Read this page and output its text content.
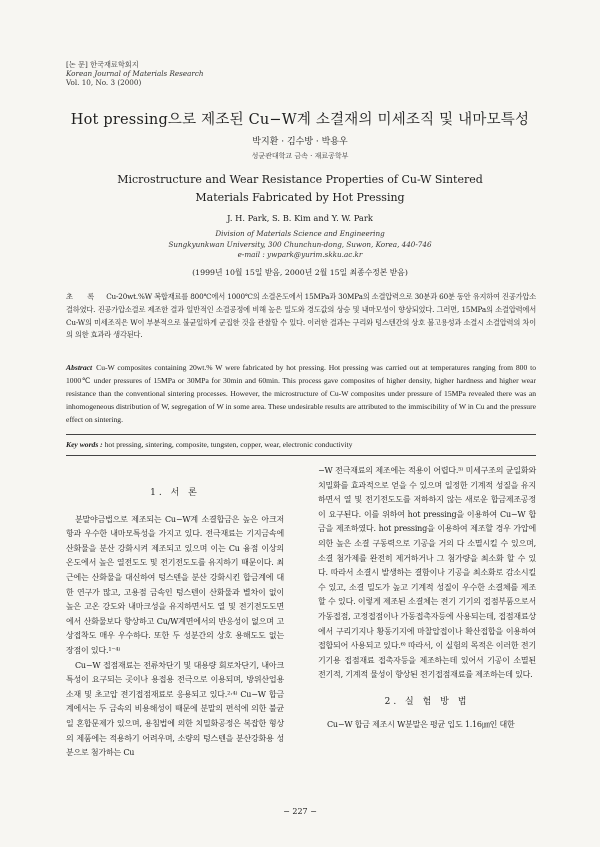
[논 문] 한국재료학회지
Korean Journal of Materials Research
Vol. 10, No. 3 (2000)
Hot pressing으로 제조된 Cu−W계 소결재의 미세조직 및 내마모특성
박지환 · 김수방 · 박용우
성균관대학교 금속 · 재료공학부
Microstructure and Wear Resistance Properties of Cu-W Sintered
Materials Fabricated by Hot Pressing
J. H. Park, S. B. Kim and Y. W. Park
Division of Materials Science and Engineering
Sungkyunkwan University, 300 Chunchun-dong, Suwon, Korea, 440-746
e-mail : ywpark@yurim.skku.ac.kr
(1999년 10월 15일 받음, 2000년 2월 15일 최종수정본 받음)
초 록 Cu-20wt.%W 복합재료를 800℃에서 1000℃의 소결온도에서 15MPa과 30MPa의 소결압력으로 30분과 60분 동안 유지하여 진공가압소결하였다. 진공가압소결로 제조한 결과 일반적인 소결공정에 비해 높은 밀도와 경도값의 상승 및 내마모성이 향상되었다. 그러면, 15MPa의 소결압력에서 Cu-W의 미세조직은 W이 부분적으로 불균일하게 군집한 것을 관찰할 수 있다. 이러한 결과는 구리와 텅스텐간의 상호 불고용성과 소결시 소결압력의 차이의 의한 효과라 생각된다.
Abstract Cu-W composites containing 20wt.% W were fabricated by hot pressing. Hot pressing was carried out at temperatures ranging from 800 to 1000℃ under pressures of 15MPa or 30MPa for 30min and 60min. This process gave composites of higher density, higher hardness and higher wear resistance than the conventional sintering processes. However, the microstructure of Cu-W composites under pressure of 15MPa revealed there was an inhomogeneous distribution of W, segregation of W in some area. These undesirable results are attributed to the immiscibility of W in Cu and the pressure effect on sintering.
Key words : hot pressing, sintering, composite, tungsten, copper, wear, electronic conductivity
1. 서 론

분말야금법으로 제조되는 Cu−W계 소결합금은 높은 아크저항과 우수한 내마모특성을 가지고 있다. 전극재료는 기지금속에 산화물을 분산 강화시켜 제조되고 있으며 이는 Cu 융점 이상의 온도에서 높은 열전도도 및 전기전도도를 유지하기 때문이다. 최근에는 산화물을 대신하여 텅스텐을 분산 강화시킨 합금계에 대한 연구가 많고, 고용점 금속인 텅스텐이 산화물과 별차이 없이 높은 고온 강도와 내마크성을 유지하면서도 열 및 전기전도도면에서 산화물보다 향상하고 Cu/W계면에서의 반응성이 없으며 고상접착도 매우 우수하다. 또한 두 성분간의 상호 용해도도 없는 장점이 있다.¹⁻⁴⁾

Cu−W 접점재료는 전류차단기 및 대용량 회로차단기, 내아크 특성이 요구되는 곳이나 용접용 전극으로 이용되며, 방위산업용소재 및 초고압 전기접점재료로 응용되고 있다.²·⁴⁾ Cu−W 합금계에서는 두 금속의 비용해성이 때문에 분말의 편석에 의한 불균일 혼합문제가 있으며, 용침법에 의한 치밀화공정은 복잡한 형상의 제품에는 적용하기 어려우며, 소량의 텅스텐을 분산강화용 성분으로 첨가하는 Cu

−W 전극재료의 제조에는 적용이 어렵다.⁵⁾ 미세구조의 균일화와 치밀화를 효과적으로 얻을 수 있으며 일정한 기계적 성질을 유지하면서 열 및 전기전도도를 저하하지 않는 새로운 합금제조공정이 요구된다. 이를 위하여 hot pressing을 이용하여 Cu−W 합금을 제조하였다. hot pressing을 이용하여 제조할 경우 가압에 의한 높은 소결 구동력으로 기공을 거의 다 소멸시킬 수 있으며, 소결 첨가제를 완전히 제거하거나 그 첨가량을 최소화 할 수 있다. 따라서 소결시 발생하는 결함이나 기공을 최소화로 감소시킬 수 있고, 소결 밀도가 높고 기계적 성질이 우수한 소결체를 제조할 수 있다. 이렇게 제조된 소결체는 전기 기기의 접점부품으로서 가동접점, 고정접점이나 가동접촉자등에 사용되는데, 접점재료상에서 구리기지나 황동기지에 마찰압접이나 확산접합을 이용하여 접합되어 사용되고 있다.⁶⁾ 따라서, 이 실험의 목적은 이러한 전기 기기용 접점재료 접촉자등을 제조하는데 있어서 기공이 소멸된 전기적, 기계적 물성이 향상된 전기접점재료를 제조하는데 있다.

2. 실 험 방 법

Cu−W 합금 제조시 W분말은 평균 입도 1.16㎛인 대한

− 227 −
